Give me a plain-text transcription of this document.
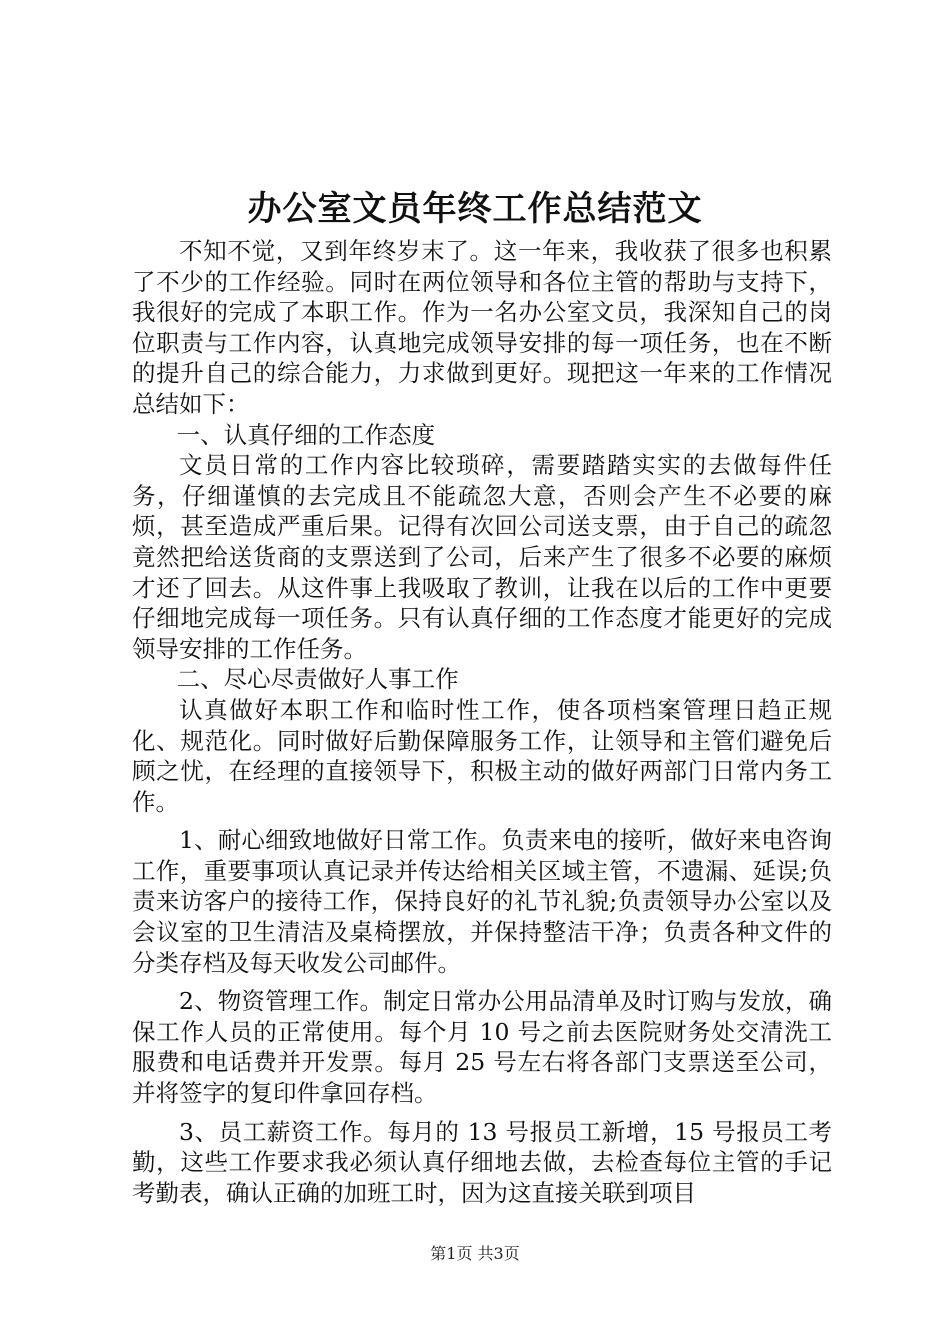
办公室文员年终工作总结范文

不知不觉，又到年终岁末了。这一年来，我收获了很多也积累了不少的工作经验。同时在两位领导和各位主管的帮助与支持下，我很好的完成了本职工作。作为一名办公室文员，我深知自己的岗位职责与工作内容，认真地完成领导安排的每一项任务，也在不断的提升自己的综合能力，力求做到更好。现把这一年来的工作情况总结如下：

一、认真仔细的工作态度

文员日常的工作内容比较琐碎，需要踏踏实实的去做每件任务，仔细谨慎的去完成且不能疏忽大意，否则会产生不必要的麻烦，甚至造成严重后果。记得有次回公司送支票，由于自己的疏忽竟然把给送货商的支票送到了公司，后来产生了很多不必要的麻烦才还了回去。从这件事上我吸取了教训，让我在以后的工作中更要仔细地完成每一项任务。只有认真仔细的工作态度才能更好的完成领导安排的工作任务。

二、尽心尽责做好人事工作

认真做好本职工作和临时性工作，使各项档案管理日趋正规化、规范化。同时做好后勤保障服务工作，让领导和主管们避免后顾之忧，在经理的直接领导下，积极主动的做好两部门日常内务工作。

1、耐心细致地做好日常工作。负责来电的接听，做好来电咨询工作，重要事项认真记录并传达给相关区域主管，不遗漏、延误;负责来访客户的接待工作，保持良好的礼节礼貌;负责领导办公室以及会议室的卫生清洁及桌椅摆放，并保持整洁干净；负责各种文件的分类存档及每天收发公司邮件。

2、物资管理工作。制定日常办公用品清单及时订购与发放，确保工作人员的正常使用。每个月 10 号之前去医院财务处交清洗工服费和电话费并开发票。每月 25 号左右将各部门支票送至公司，并将签字的复印件拿回存档。

3、员工薪资工作。每月的 13 号报员工新增，15 号报员工考勤，这些工作要求我必须认真仔细地去做，去检查每位主管的手记考勤表，确认正确的加班工时，因为这直接关联到项目

第1页 共3页
